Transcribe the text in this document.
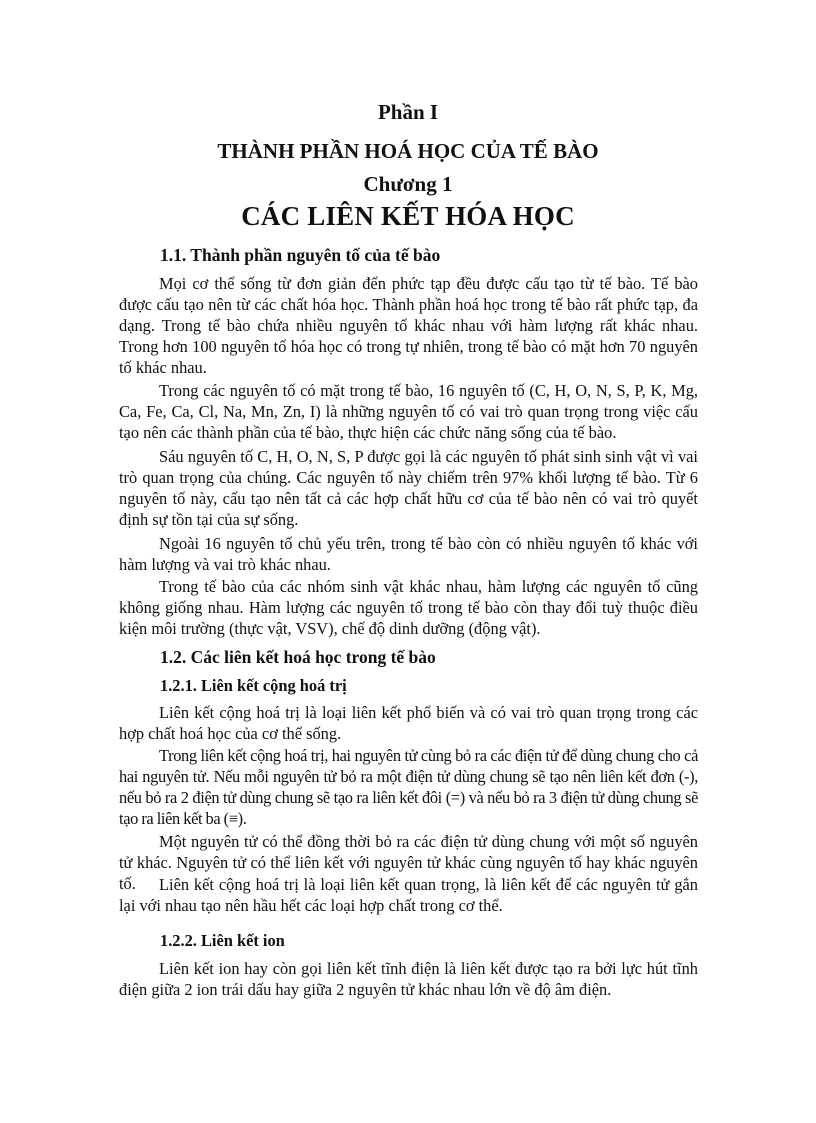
Phần I
THÀNH PHẦN HOÁ HỌC CỦA TẾ BÀO
Chương 1
CÁC LIÊN KẾT HÓA HỌC
1.1. Thành phần nguyên tố của tế bào

Mọi cơ thể sống từ đơn giản đến phức tạp đều được cấu tạo từ tế bào. Tế bào được cấu tạo nên từ các chất hóa học. Thành phần hoá học trong tế bào rất phức tạp, đa dạng. Trong tế bào chứa nhiều nguyên tố khác nhau với hàm lượng rất khác nhau. Trong hơn 100 nguyên tố hóa học có trong tự nhiên, trong tế bào có mặt hơn 70 nguyên tố khác nhau.

Trong các nguyên tố có mặt trong tế bào, 16 nguyên tố (C, H, O, N, S, P, K, Mg, Ca, Fe, Ca, Cl, Na, Mn, Zn, I) là những nguyên tố có vai trò quan trọng trong việc cấu tạo nên các thành phần của tế bào, thực hiện các chức năng sống của tế bào.

Sáu nguyên tố C, H, O, N, S, P được gọi là các nguyên tố phát sinh sinh vật vì vai trò quan trọng của chúng. Các nguyên tố này chiếm trên 97% khối lượng tế bào. Từ 6 nguyên tố này, cấu tạo nên tất cả các hợp chất hữu cơ của tế bào nên có vai trò quyết định sự tồn tại của sự sống.

Ngoài 16 nguyên tố chủ yếu trên, trong tế bào còn có nhiều nguyên tố khác với hàm lượng và vai trò khác nhau.

Trong tế bào của các nhóm sinh vật khác nhau, hàm lượng các nguyên tố cũng không giống nhau. Hàm lượng các nguyên tố trong tế bào còn thay đổi tuỳ thuộc điều kiện môi trường (thực vật, VSV), chế độ dinh dưỡng (động vật).

1.2. Các liên kết hoá học trong tế bào
1.2.1. Liên kết cộng hoá trị

Liên kết cộng hoá trị là loại liên kết phổ biến và có vai trò quan trọng trong các hợp chất hoá học của cơ thể sống.

Trong liên kết cộng hoá trị, hai nguyên tử cùng bỏ ra các điện tử để dùng chung cho cả hai nguyên tử. Nếu mỗi nguyên tử bỏ ra một điện tử dùng chung sẽ tạo nên liên kết đơn (-), nếu bỏ ra 2 điện tử dùng chung sẽ tạo ra liên kết đôi (=) và nếu bỏ ra 3 điện tử dùng chung sẽ tạo ra liên kết ba (≡).

Một nguyên tử có thể đồng thời bỏ ra các điện tử dùng chung với một số nguyên tử khác. Nguyên tử có thể liên kết với nguyên tử khác cùng nguyên tố hay khác nguyên tố.	Liên kết cộng hoá trị là loại liên kết quan trọng, là liên kết để các nguyên tử gắn lại với nhau tạo nên hầu hết các loại hợp chất trong cơ thể.

1.2.2. Liên kết ion

Liên kết ion hay còn gọi liên kết tĩnh điện là liên kết được tạo ra bởi lực hút tĩnh điện giữa 2 ion trái dấu hay giữa 2 nguyên tử khác nhau lớn về độ âm điện.
